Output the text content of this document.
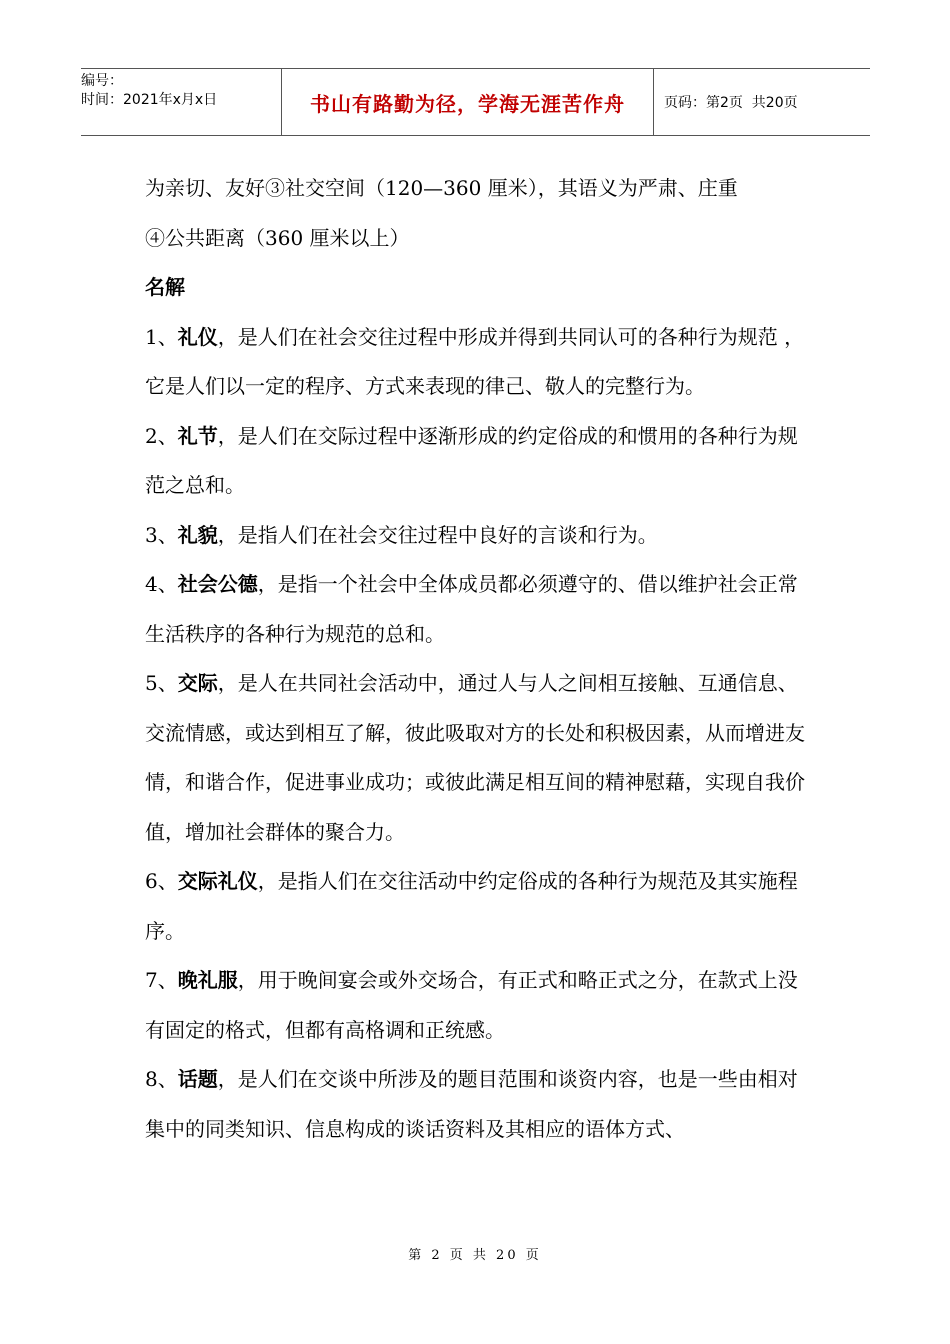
编号：
时间：2021年x月x日	书山有路勤为径，学海无涯苦作舟	页码：第2页  共20页

为亲切、友好③社交空间（120—360 厘米），其语义为严肃、庄重

④公共距离（360 厘米以上）

名解

1、礼仪，是人们在社会交往过程中形成并得到共同认可的各种行为规范 ，它是人们以一定的程序、方式来表现的律己、敬人的完整行为。

2、礼节，是人们在交际过程中逐渐形成的约定俗成的和惯用的各种行为规范之总和。

3、礼貌，是指人们在社会交往过程中良好的言谈和行为。

4、社会公德，是指一个社会中全体成员都必须遵守的、借以维护社会正常生活秩序的各种行为规范的总和。

5、交际，是人在共同社会活动中，通过人与人之间相互接触、互通信息、交流情感，或达到相互了解，彼此吸取对方的长处和积极因素，从而增进友情，和谐合作，促进事业成功；或彼此满足相互间的精神慰藉，实现自我价值，增加社会群体的聚合力。

6、交际礼仪，是指人们在交往活动中约定俗成的各种行为规范及其实施程序。

7、晚礼服，用于晚间宴会或外交场合，有正式和略正式之分，在款式上没有固定的格式，但都有高格调和正统感。

8、话题，是人们在交谈中所涉及的题目范围和谈资内容，也是一些由相对集中的同类知识、信息构成的谈话资料及其相应的语体方式、

第 2 页 共 20 页
